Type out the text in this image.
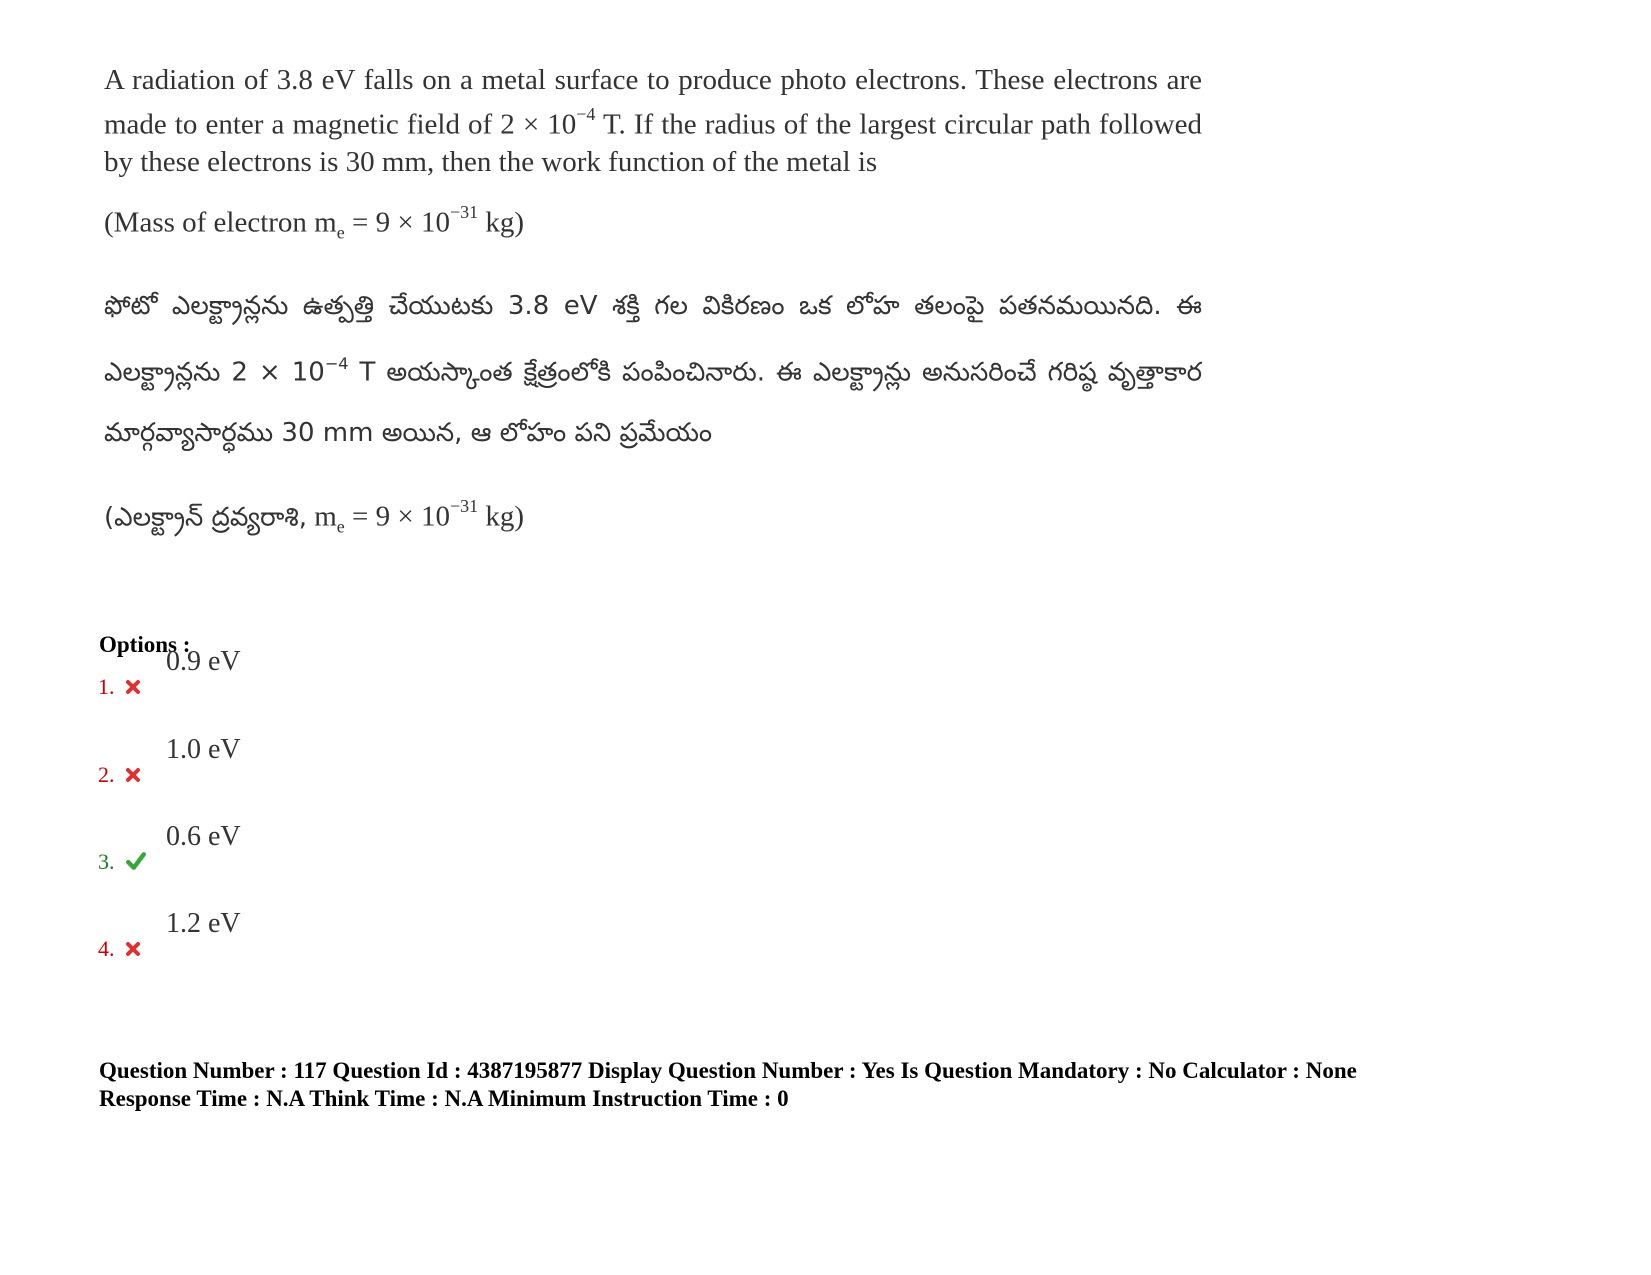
A radiation of 3.8 eV falls on a metal surface to produce photo electrons. These electrons are made to enter a magnetic field of $2 \times 10^{-4}$ T. If the radius of the largest circular path followed by these electrons is 30 mm, then the work function of the metal is

(Mass of electron $m_e = 9 \times 10^{-31}$ kg)

ఫోటో ఎలక్ట్రాన్లను ఉత్పత్తి చేయుటకు 3.8 eV శక్తి గల వికిరణం ఒక లోహ తలంపై పతనమయినది. ఈ ఎలక్ట్రాన్లను $2 \times 10^{-4}$ T అయస్కాంత క్షేత్రంలోకి పంపించినారు. ఈ ఎలక్ట్రాన్లు అనుసరించే గరిష్ఠ వృత్తాకార మార్గవ్యాసార్ధము 30 mm అయిన, ఆ లోహం పని ప్రమేయం

(ఎలక్ట్రాన్ ద్రవ్యరాశి, $m_e = 9 \times 10^{-31}$ kg)

Options :
1.
0.9 eV
2.
1.0 eV
3.
0.6 eV
4.
1.2 eV
Question Number : 117 Question Id : 4387195877 Display Question Number : Yes Is Question Mandatory : No Calculator : None
Response Time : N.A Think Time : N.A Minimum Instruction Time : 0
